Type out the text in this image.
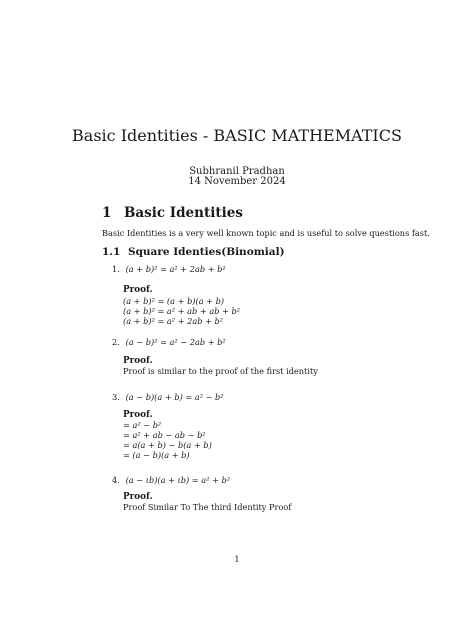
Basic Identities - BASIC MATHEMATICS
Subhranil Pradhan
14 November 2024
1 Basic Identities
Basic Identities is a very well known topic and is useful to solve questions fast.
1.1 Square Identies(Binomial)
1. (a + b)² = a² + 2ab + b²
Proof.
(a + b)² = (a + b)(a + b)
(a + b)² = a² + ab + ab + b²
(a + b)² = a² + 2ab + b²
2. (a − b)² = a² − 2ab + b²
Proof.
Proof is similar to the proof of the first identity
3. (a − b)(a + b) = a² − b²
Proof.
= a² − b²
= a² + ab − ab − b²
= a(a + b) − b(a + b)
= (a − b)(a + b)
4. (a − ιb)(a + ιb) = a² + b²
Proof.
Proof Similar To The third Identity Proof
1
